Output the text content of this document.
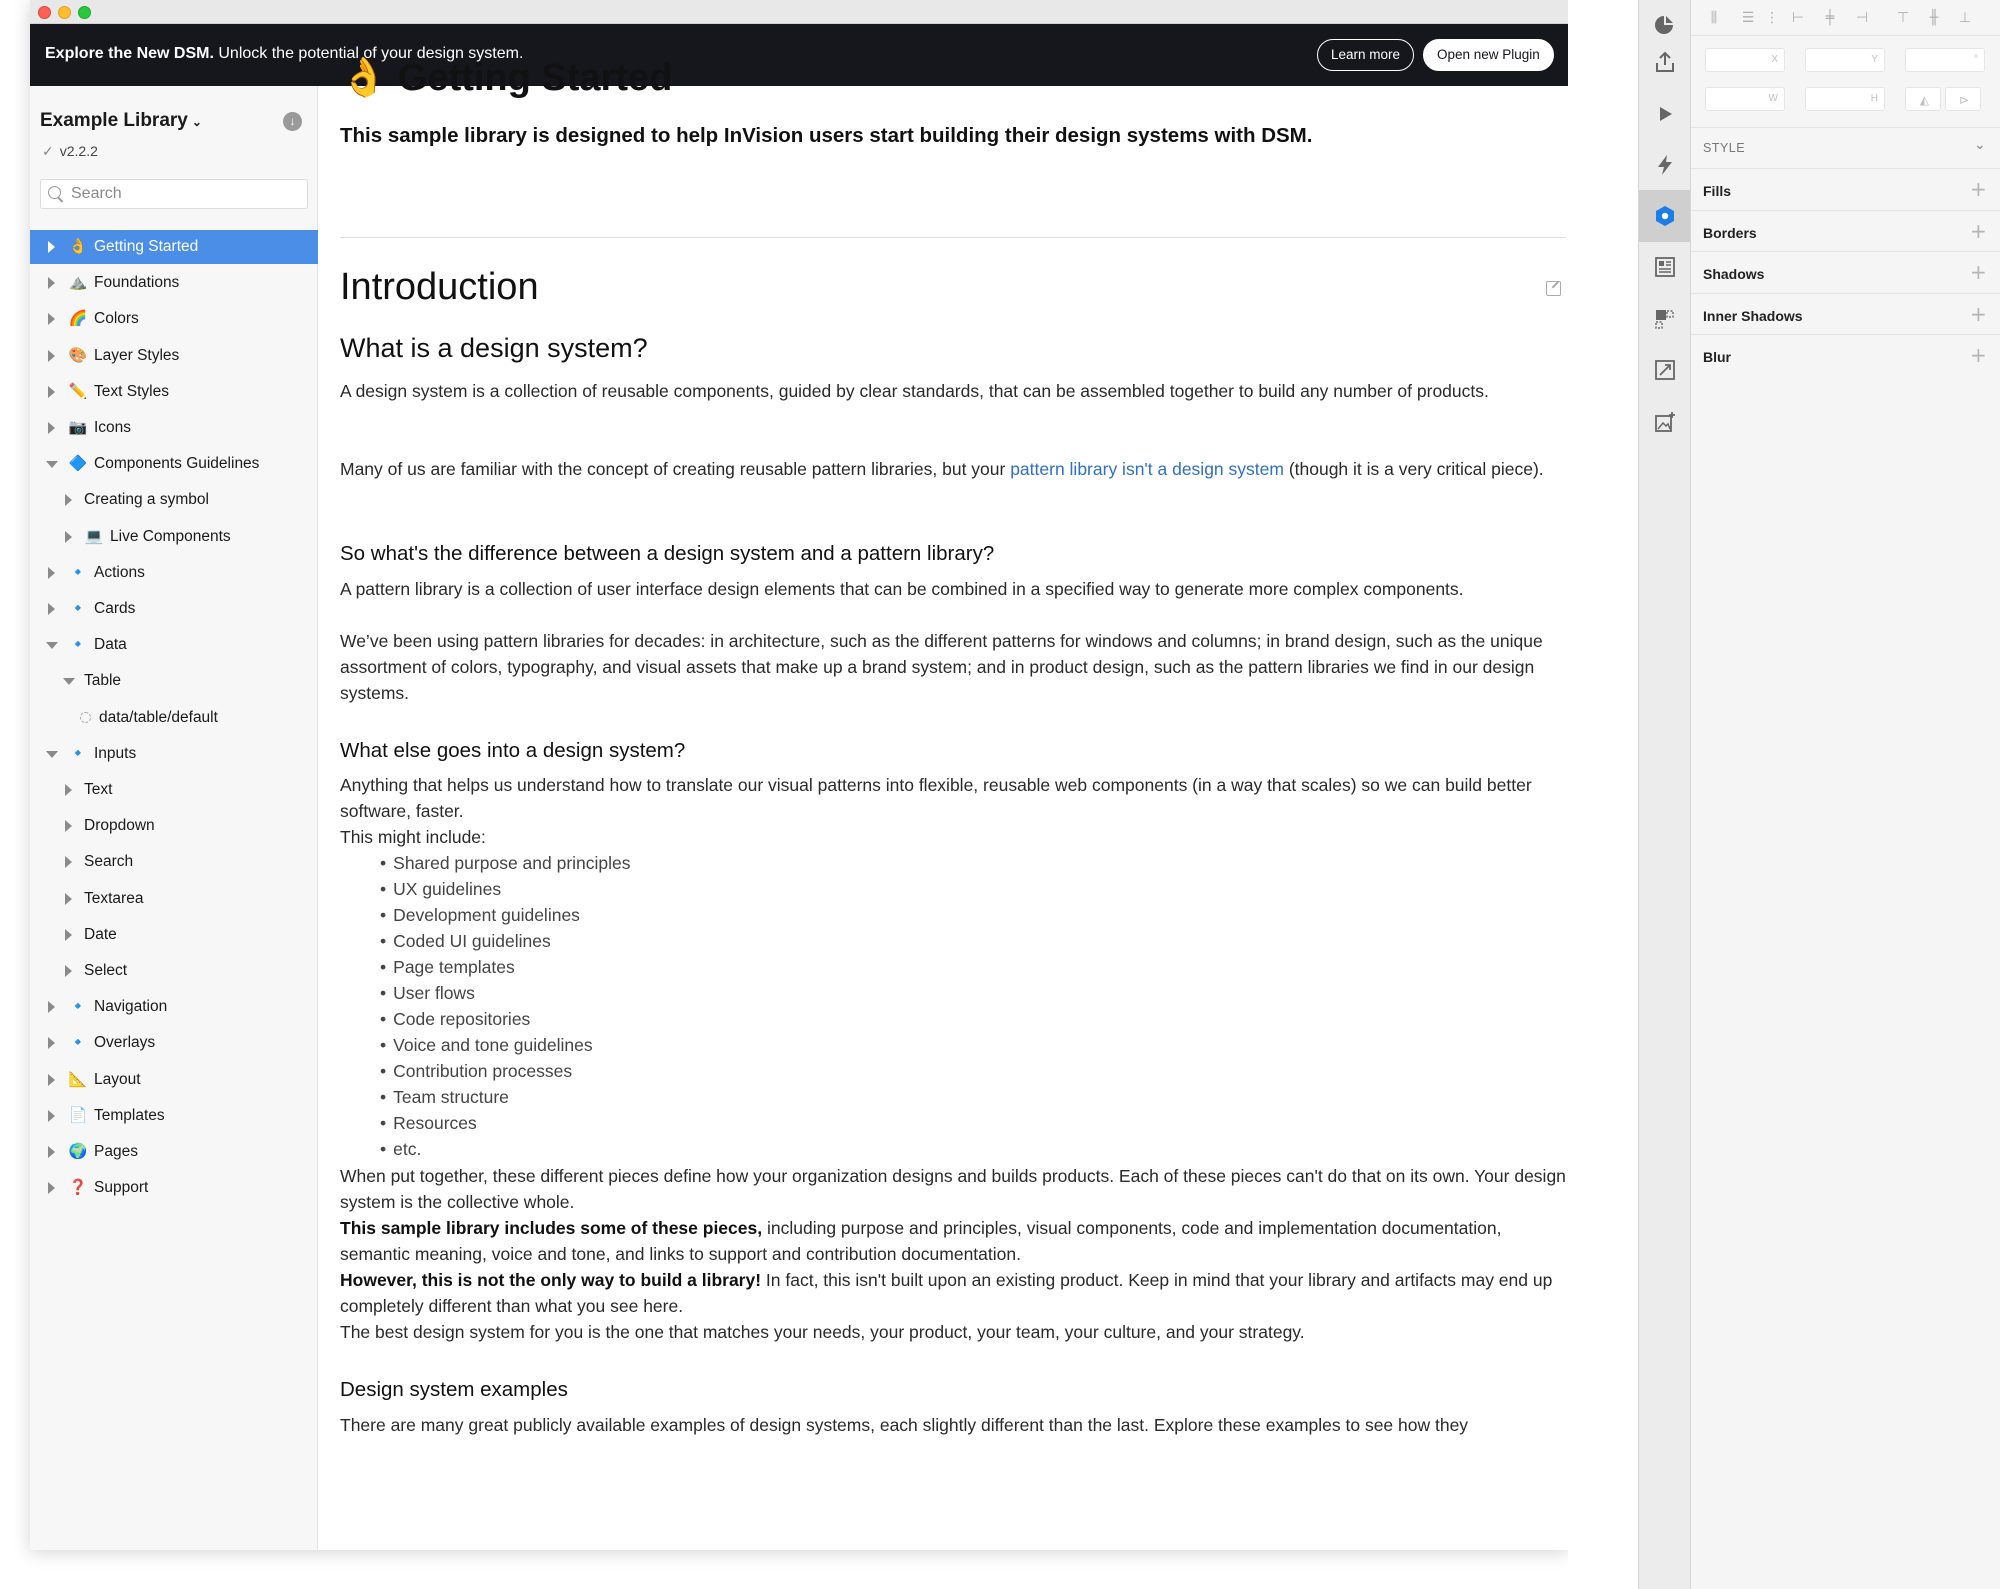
Explore the New DSM. Unlock the potential of your design system.	Learn more	Open new Plugin
Example Library ⌄	↓
✓ v2.2.2
Search
👌 Getting Started
⛰️ Foundations
🌈 Colors
🎨 Layer Styles
✏️ Text Styles
📷 Icons
🔷 Components Guidelines
Creating a symbol
💻 Live Components
🔹 Actions
🔹 Cards
🔹 Data
Table
data/table/default
🔹 Inputs
Text
Dropdown
Search
Textarea
Date
Select
🔹 Navigation
🔹 Overlays
📐 Layout
📄 Templates
🌍 Pages
❓ Support
👌 Getting Started
This sample library is designed to help InVision users start building their design systems with DSM.
Introduction
What is a design system?
A design system is a collection of reusable components, guided by clear standards, that can be assembled together to build any number of products.
Many of us are familiar with the concept of creating reusable pattern libraries, but your pattern library isn't a design system (though it is a very critical piece).
So what's the difference between a design system and a pattern library?
A pattern library is a collection of user interface design elements that can be combined in a specified way to generate more complex components.
We’ve been using pattern libraries for decades: in architecture, such as the different patterns for windows and columns; in brand design, such as the unique assortment of colors, typography, and visual assets that make up a brand system; and in product design, such as the pattern libraries we find in our design systems.
What else goes into a design system?
Anything that helps us understand how to translate our visual patterns into flexible, reusable web components (in a way that scales) so we can build better software, faster.
This might include:
• Shared purpose and principles
• UX guidelines
• Development guidelines
• Coded UI guidelines
• Page templates
• User flows
• Code repositories
• Voice and tone guidelines
• Contribution processes
• Team structure
• Resources
• etc.
When put together, these different pieces define how your organization designs and builds products. Each of these pieces can't do that on its own. Your design system is the collective whole.
This sample library includes some of these pieces, including purpose and principles, visual components, code and implementation documentation, semantic meaning, voice and tone, and links to support and contribution documentation.
However, this is not the only way to build a library! In fact, this isn't built upon an existing product. Keep in mind that your library and artifacts may end up completely different than what you see here.
The best design system for you is the one that matches your needs, your product, your team, your culture, and your strategy.
Design system examples
There are many great publicly available examples of design systems, each slightly different than the last. Explore these examples to see how they
⫼	☰ ⋮ ⊢	╪	⊣ ⊤	╫	⊥
X	Y	°
W	H	◭ ⊳
STYLE	⌄
Fills	+
Borders	+
Shadows	+
Inner Shadows	+
Blur	+
